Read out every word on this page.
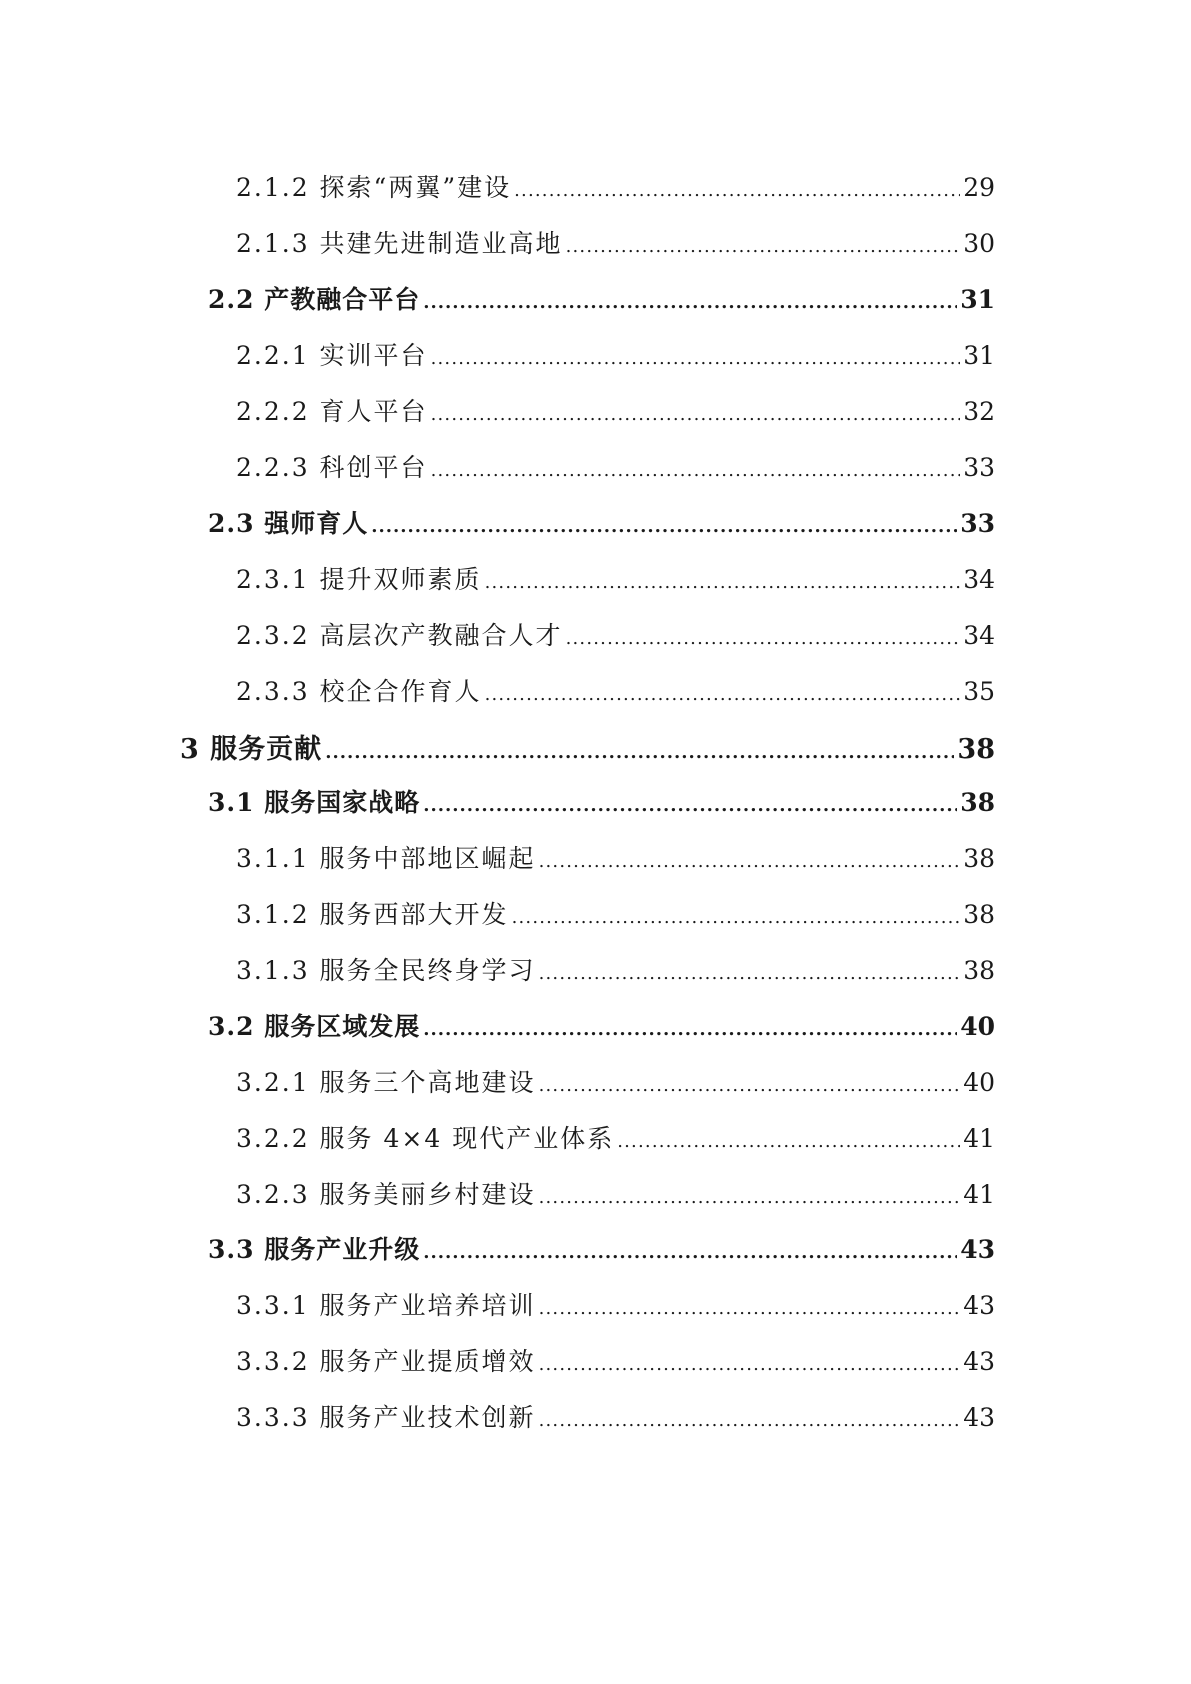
2.1.2 探索“两翼”建设 .....	29
2.1.3 共建先进制造业高地 .....	30
2.2 产教融合平台 .....	31
2.2.1 实训平台 .....	31
2.2.2 育人平台 .....	32
2.2.3 科创平台 .....	33
2.3 强师育人 .....	33
2.3.1 提升双师素质 .....	34
2.3.2 高层次产教融合人才 .....	34
2.3.3 校企合作育人 .....	35
3 服务贡献 .....	38
3.1 服务国家战略 .....	38
3.1.1 服务中部地区崛起 .....	38
3.1.2 服务西部大开发 .....	38
3.1.3 服务全民终身学习 .....	38
3.2 服务区域发展 .....	40
3.2.1 服务三个高地建设 .....	40
3.2.2 服务 4×4 现代产业体系 .....	41
3.2.3 服务美丽乡村建设 .....	41
3.3 服务产业升级 .....	43
3.3.1 服务产业培养培训 .....	43
3.3.2 服务产业提质增效 .....	43
3.3.3 服务产业技术创新 .....	43
